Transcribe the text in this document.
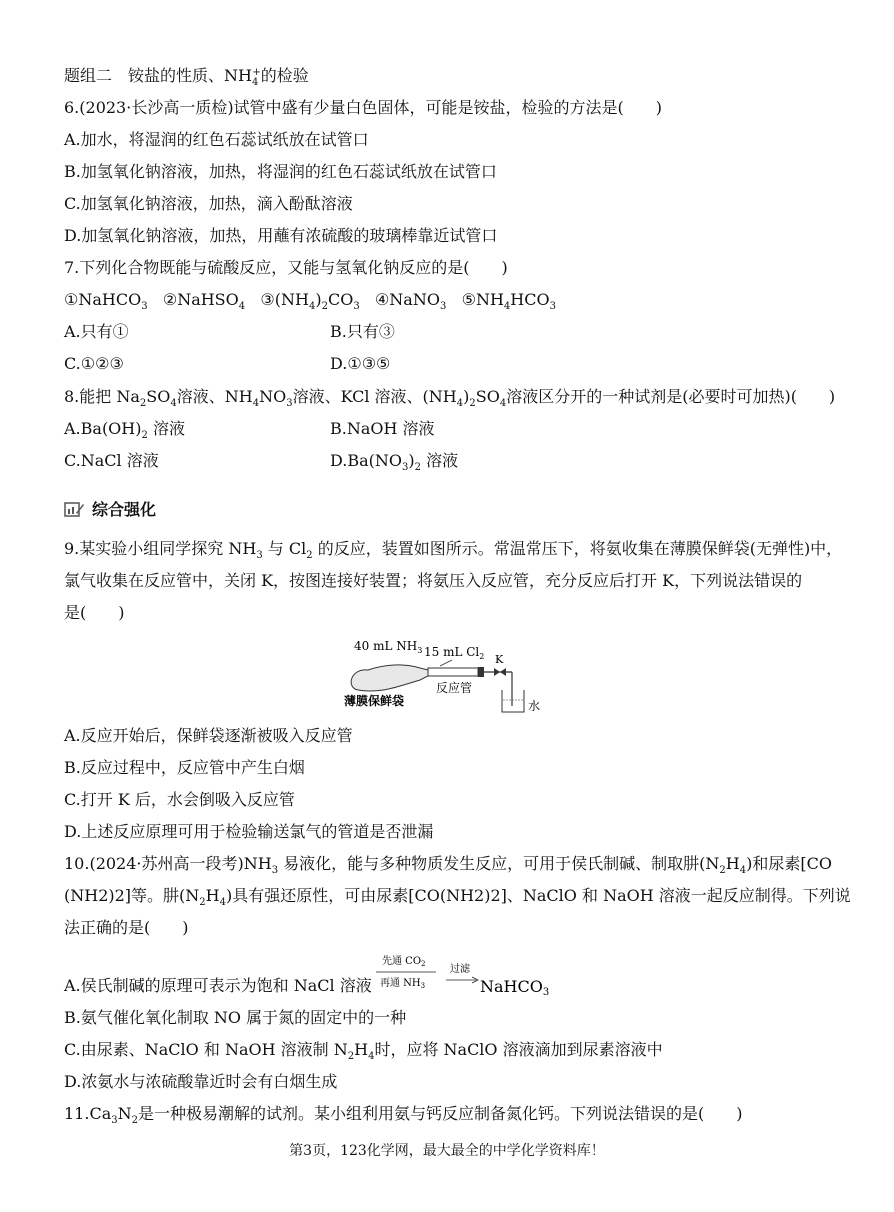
题组二　铵盐的性质、$NH_4^+$的检验
6.(2023·长沙高一质检)试管中盛有少量白色固体，可能是铵盐，检验的方法是(　　)
A.加水，将湿润的红色石蕊试纸放在试管口
B.加氢氧化钠溶液，加热，将湿润的红色石蕊试纸放在试管口
C.加氢氧化钠溶液，加热，滴入酚酞溶液
D.加氢氧化钠溶液，加热，用蘸有浓硫酸的玻璃棒靠近试管口
7.下列化合物既能与硫酸反应，又能与氢氧化钠反应的是(　　)
①NaHCO$_3$ ②NaHSO$_4$ $③(NH_4)_2CO_3$ ④NaNO$_3$ $⑤NH_4HCO_3$
A.只有①	B.只有③
C.①②③	D.①③⑤
8.能把 $Na_2SO_4$溶液、$NH_4NO_3$溶液、KCl 溶液、$(NH_4)_2SO_4$溶液区分开的一种试剂是(必要时可加热)(　　)
$A.Ba(OH)_2$ 溶液	B.NaOH 溶液
C.NaCl 溶液	$D.Ba(NO_3)_2$ 溶液
综合强化
9.某实验小组同学探究 $NH_3$ 与 $Cl_2$ 的反应，装置如图所示。常温常压下，将氨收集在薄膜保鲜袋(无弹性)中，
氯气收集在反应管中，关闭 K，按图连接好装置；将氨压入反应管，充分反应后打开 K，下列说法错误的
是(　　)
40 mL $NH_3$ 15 mL $Cl_2$ K
水
反应管
薄膜保鲜袋
A.反应开始后，保鲜袋逐渐被吸入反应管
B.反应过程中，反应管中产生白烟
C.打开 K 后，水会倒吸入反应管
D.上述反应原理可用于检验输送氯气的管道是否泄漏
10.(2024·苏州高一段考)$NH_3$ 易液化，能与多种物质发生反应，可用于侯氏制碱、制取肼$(N_2H_4)$和尿素[CO
(NH2)2]等。肼$(N_2H_4)$具有强还原性，可由尿素[CO(NH2)2]、NaClO 和 NaOH 溶液一起反应制得。下列说
法正确的是(　　)
A.侯氏制碱的原理可表示为饱和 NaCl 溶液
先通 $CO_2$
再通 $NH_3$
过滤
NaHCO3
B.氨气催化氧化制取 NO 属于氮的固定中的一种
C.由尿素、NaClO 和 NaOH 溶液制 $N_2H_4$时，应将 NaClO 溶液滴加到尿素溶液中
D.浓氨水与浓硫酸靠近时会有白烟生成
$11.Ca_3N_2$是一种极易潮解的试剂。某小组利用氨与钙反应制备氮化钙。下列说法错误的是(　　)
第3页，123化学网，最大最全的中学化学资料库！
